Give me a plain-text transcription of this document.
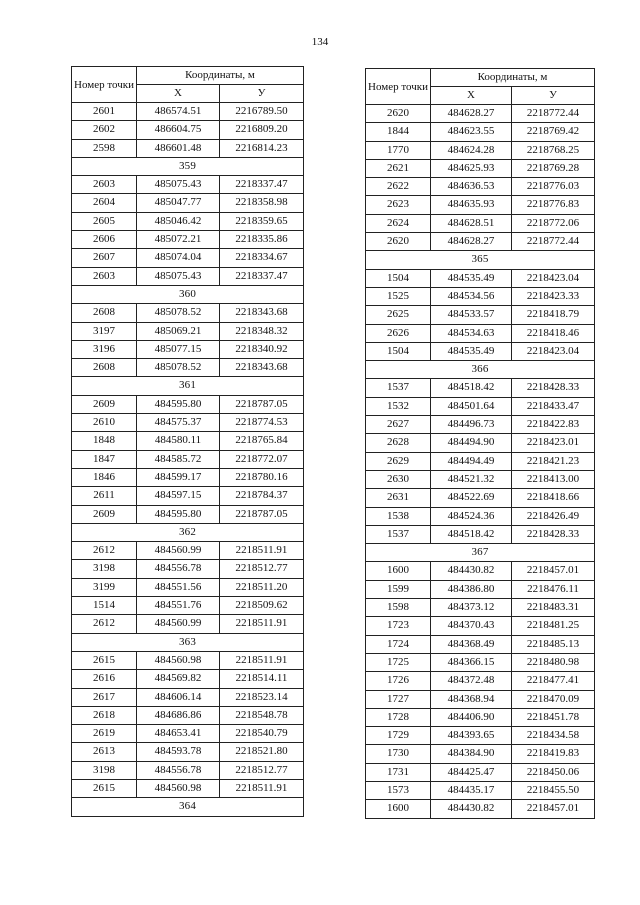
134
Номер точки	Координаты, м	
	X	У
2601	486574.51	2216789.50
2602	486604.75	2216809.20
2598	486601.48	2216814.23
359		
2603	485075.43	2218337.47
2604	485047.77	2218358.98
2605	485046.42	2218359.65
2606	485072.21	2218335.86
2607	485074.04	2218334.67
2603	485075.43	2218337.47
360		
2608	485078.52	2218343.68
3197	485069.21	2218348.32
3196	485077.15	2218340.92
2608	485078.52	2218343.68
361		
2609	484595.80	2218787.05
2610	484575.37	2218774.53
1848	484580.11	2218765.84
1847	484585.72	2218772.07
1846	484599.17	2218780.16
2611	484597.15	2218784.37
2609	484595.80	2218787.05
362		
2612	484560.99	2218511.91
3198	484556.78	2218512.77
3199	484551.56	2218511.20
1514	484551.76	2218509.62
2612	484560.99	2218511.91
363		
2615	484560.98	2218511.91
2616	484569.82	2218514.11
2617	484606.14	2218523.14
2618	484686.86	2218548.78
2619	484653.41	2218540.79
2613	484593.78	2218521.80
3198	484556.78	2218512.77
2615	484560.98	2218511.91
364		
Номер точки	Координаты, м	
	X	У
2620	484628.27	2218772.44
1844	484623.55	2218769.42
1770	484624.28	2218768.25
2621	484625.93	2218769.28
2622	484636.53	2218776.03
2623	484635.93	2218776.83
2624	484628.51	2218772.06
2620	484628.27	2218772.44
365		
1504	484535.49	2218423.04
1525	484534.56	2218423.33
2625	484533.57	2218418.79
2626	484534.63	2218418.46
1504	484535.49	2218423.04
366		
1537	484518.42	2218428.33
1532	484501.64	2218433.47
2627	484496.73	2218422.83
2628	484494.90	2218423.01
2629	484494.49	2218421.23
2630	484521.32	2218413.00
2631	484522.69	2218418.66
1538	484524.36	2218426.49
1537	484518.42	2218428.33
367		
1600	484430.82	2218457.01
1599	484386.80	2218476.11
1598	484373.12	2218483.31
1723	484370.43	2218481.25
1724	484368.49	2218485.13
1725	484366.15	2218480.98
1726	484372.48	2218477.41
1727	484368.94	2218470.09
1728	484406.90	2218451.78
1729	484393.65	2218434.58
1730	484384.90	2218419.83
1731	484425.47	2218450.06
1573	484435.17	2218455.50
1600	484430.82	2218457.01
